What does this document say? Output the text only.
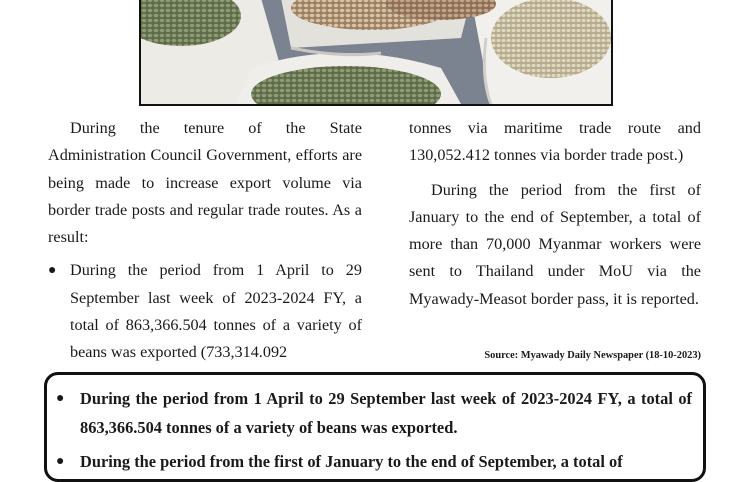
During the tenure of the State Administration Council Government, efforts are being made to increase export volume via border trade posts and regular trade routes. As a result:

● During the period from 1 April to 29 September last week of 2023-2024 FY, a total of 863,366.504 tonnes of a variety of beans was exported (733,314.092

tonnes via maritime trade route and 130,052.412 tonnes via border trade post.)

During the period from the first of January to the end of September, a total of more than 70,000 Myanmar workers were sent to Thailand under MoU via the Myawady-Measot border pass, it is reported.

Source: Myawady Daily Newspaper (18-10-2023)
● During the period from 1 April to 29 September last week of 2023-2024 FY, a total of 863,366.504 tonnes of a variety of beans was exported.
● During the period from the first of January to the end of September, a total of
